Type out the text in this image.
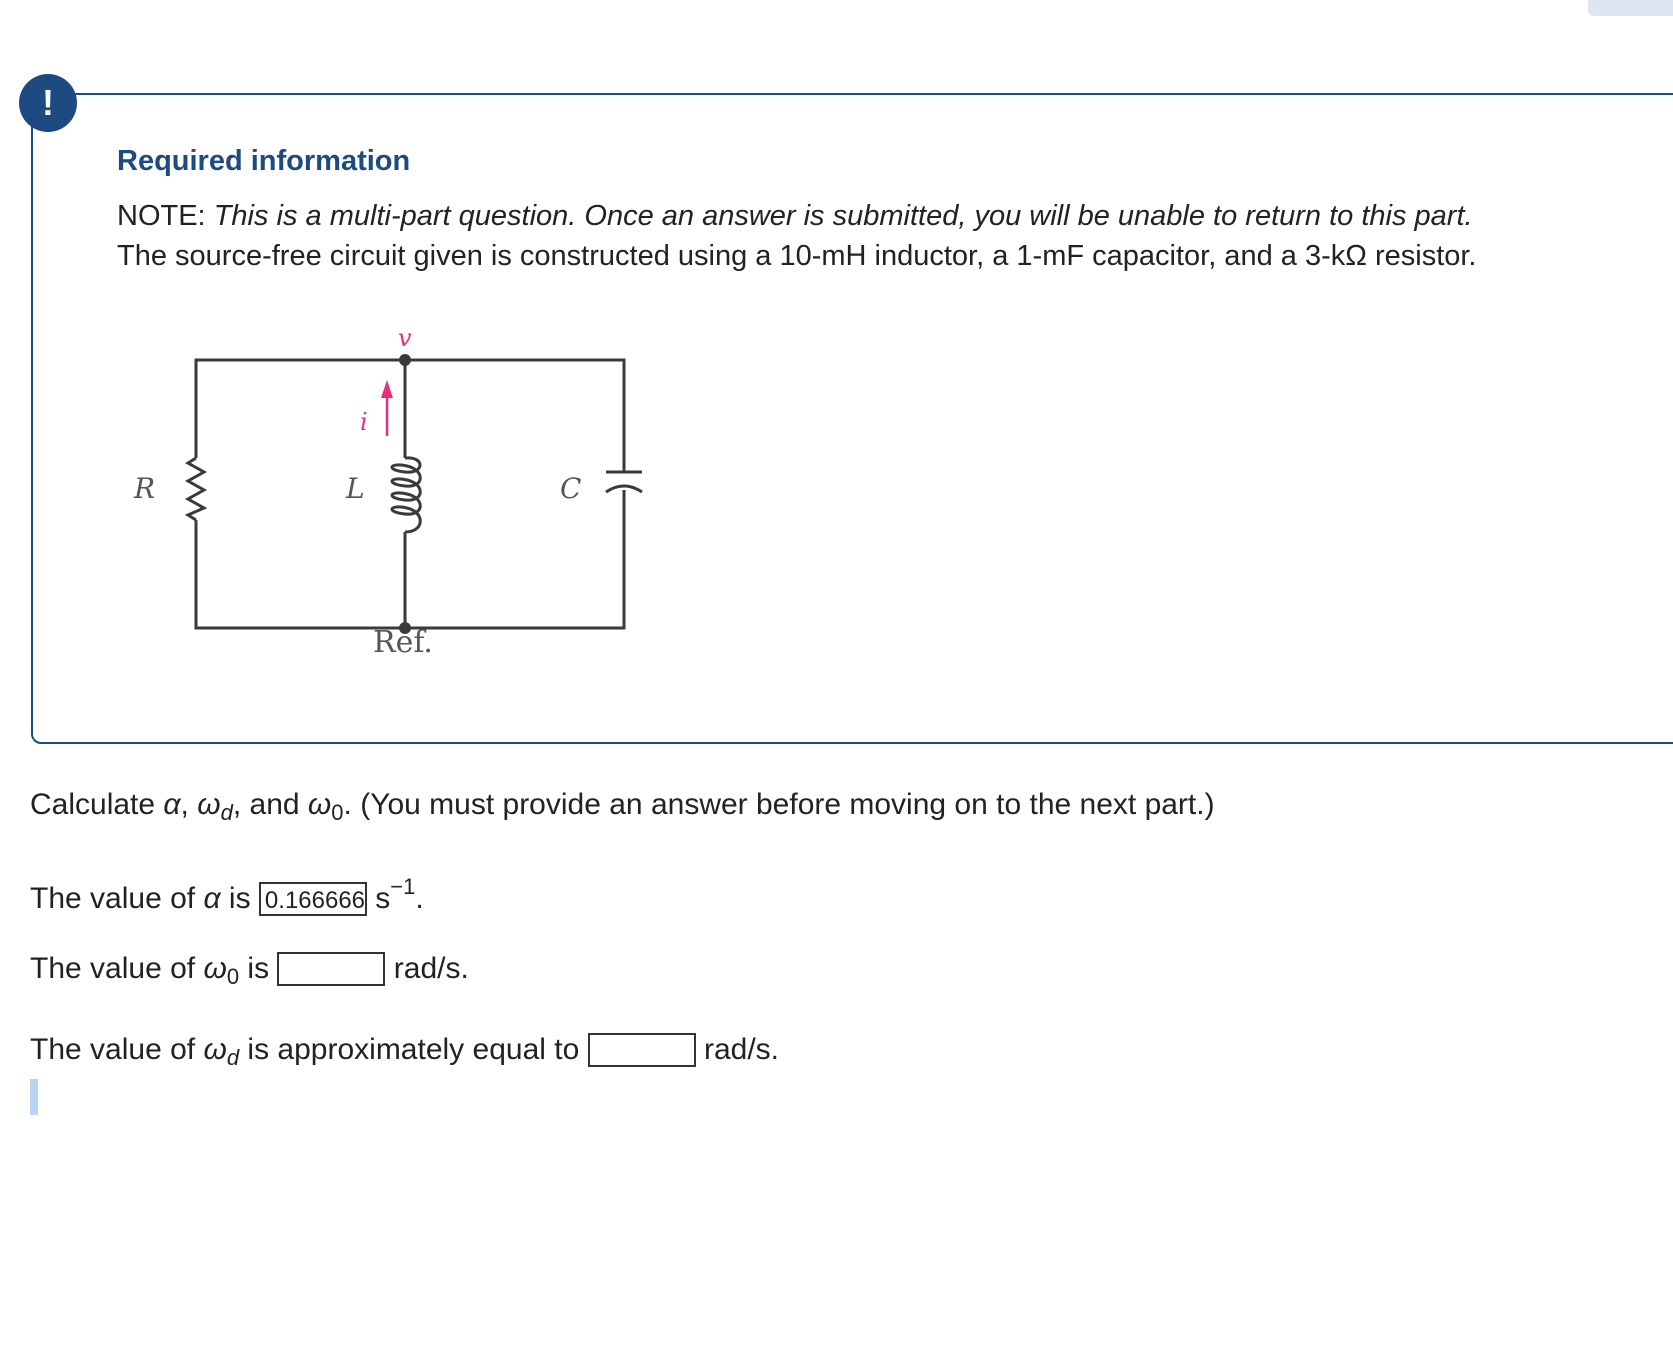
!
Required information
NOTE: This is a multi-part question. Once an answer is submitted, you will be unable to return to this part.
The source-free circuit given is constructed using a 10-mH inductor, a 1-mF capacitor, and a 3-kΩ resistor.
v
i
R	L	C
Ref.
Calculate α, $\omega_d$, and $\omega_0$. (You must provide an answer before moving on to the next part.)
The value of α is 0.166666 $s^{-1}$.
The value of $\omega_0$ is	rad/s.
The value of $\omega_d$ is approximately equal to	rad/s.
